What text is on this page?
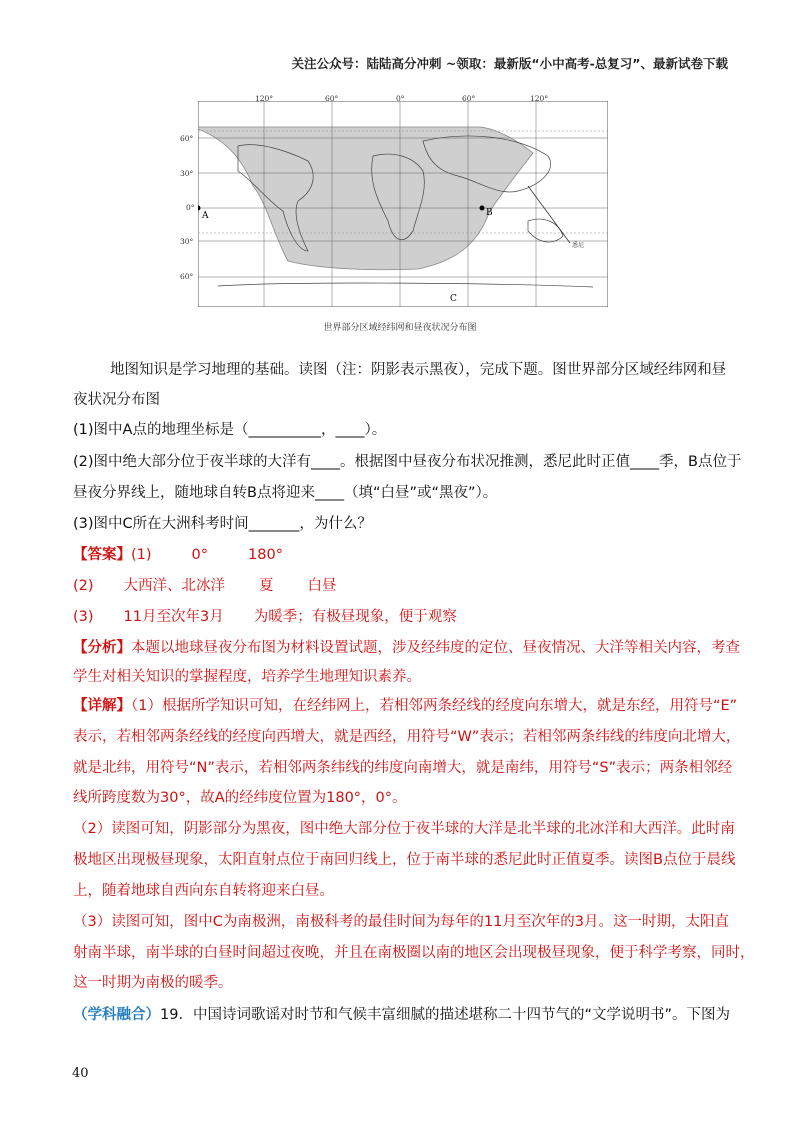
关注公众号：陆陆高分冲刺 ~领取：最新版“小中高考-总复习”、最新试卷下载
悉尼
A	B
C
120°	60°	0°	60°	120°
60°
30°
0°
30°
60°
世界部分区域经纬网和昼夜状况分布图
地图知识是学习地理的基础。读图（注：阴影表示黑夜），完成下题。图世界部分区域经纬网和昼
夜状况分布图
(1)图中A点的地理坐标是（__________，____）。
(2)图中绝大部分位于夜半球的大洋有____。根据图中昼夜分布状况推测，悉尼此时正值____季，B点位于
昼夜分界线上，随地球自转B点将迎来____（填“白昼”或“黑夜”）。
(3)图中C所在大洲科考时间_______，为什么？
【答案】(1)	0°	180°
(2) 大西洋、北冰洋 夏 白昼
(3) 11月至次年3月 为暖季；有极昼现象，便于观察
【分析】本题以地球昼夜分布图为材料设置试题，涉及经纬度的定位、昼夜情况、大洋等相关内容，考查
学生对相关知识的掌握程度，培养学生地理知识素养。
【详解】（1）根据所学知识可知，在经纬网上，若相邻两条经线的经度向东增大，就是东经，用符号“E”
表示，若相邻两条经线的经度向西增大，就是西经，用符号“W”表示；若相邻两条纬线的纬度向北增大，
就是北纬，用符号“N”表示，若相邻两条纬线的纬度向南增大，就是南纬，用符号“S”表示；两条相邻经
线所跨度数为30°，故A的经纬度位置为180°，0°。
（2）读图可知，阴影部分为黑夜，图中绝大部分位于夜半球的大洋是北半球的北冰洋和大西洋。此时南
极地区出现极昼现象，太阳直射点位于南回归线上，位于南半球的悉尼此时正值夏季。读图B点位于晨线
上，随着地球自西向东自转将迎来白昼。
（3）读图可知，图中C为南极洲，南极科考的最佳时间为每年的11月至次年的3月。这一时期，太阳直
射南半球，南半球的白昼时间超过夜晚，并且在南极圈以南的地区会出现极昼现象，便于科学考察，同时，
这一时期为南极的暖季。
（学科融合）19．中国诗词歌谣对时节和气候丰富细腻的描述堪称二十四节气的“文学说明书”。下图为
40
